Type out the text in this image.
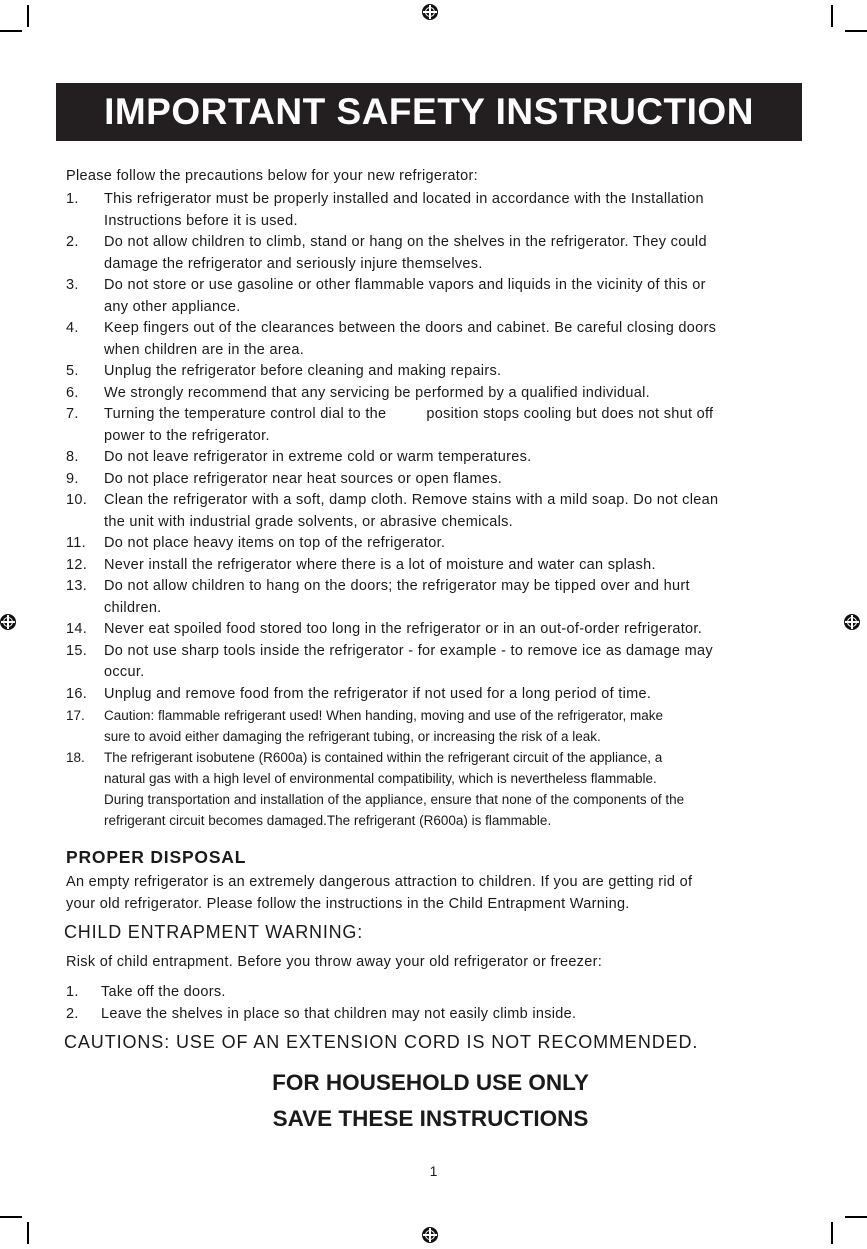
IMPORTANT SAFETY INSTRUCTION
Please follow the precautions below for your new refrigerator:
1. This refrigerator must be properly installed and located in accordance with the Installation
Instructions before it is used.
2. Do not allow children to climb, stand or hang on the shelves in the refrigerator. They could
damage the refrigerator and seriously injure themselves.
3. Do not store or use gasoline or other flammable vapors and liquids in the vicinity of this or
any other appliance.
4. Keep fingers out of the clearances between the doors and cabinet. Be careful closing doors
when children are in the area.
5. Unplug the refrigerator before cleaning and making repairs.
6. We strongly recommend that any servicing be performed by a qualified individual.
7. Turning the temperature control dial to the	position stops cooling but does not shut off
power to the refrigerator.
8. Do not leave refrigerator in extreme cold or warm temperatures.
9. Do not place refrigerator near heat sources or open flames.
10. Clean the refrigerator with a soft, damp cloth. Remove stains with a mild soap. Do not clean
the unit with industrial grade solvents, or abrasive chemicals.
11. Do not place heavy items on top of the refrigerator.
12. Never install the refrigerator where there is a lot of moisture and water can splash.
13. Do not allow children to hang on the doors; the refrigerator may be tipped over and hurt
children.
14. Never eat spoiled food stored too long in the refrigerator or in an out-of-order refrigerator.
15. Do not use sharp tools inside the refrigerator - for example - to remove ice as damage may
occur.
16. Unplug and remove food from the refrigerator if not used for a long period of time.
17. Caution: flammable refrigerant used! When handing, moving and use of the refrigerator, make
sure to avoid either damaging the refrigerant tubing, or increasing the risk of a leak.
18. The refrigerant isobutene (R600a) is contained within the refrigerant circuit of the appliance, a
natural gas with a high level of environmental compatibility, which is nevertheless flammable.
During transportation and installation of the appliance, ensure that none of the components of the
refrigerant circuit becomes damaged.The refrigerant (R600a) is flammable.
PROPER DISPOSAL
An empty refrigerator is an extremely dangerous attraction to children. If you are getting rid of
your old refrigerator. Please follow the instructions in the Child Entrapment Warning.
CHILD ENTRAPMENT WARNING:
Risk of child entrapment. Before you throw away your old refrigerator or freezer:
1. Take off the doors.
2. Leave the shelves in place so that children may not easily climb inside.
CAUTIONS: USE OF AN EXTENSION CORD IS NOT RECOMMENDED.
FOR HOUSEHOLD USE ONLY
SAVE THESE INSTRUCTIONS
1
